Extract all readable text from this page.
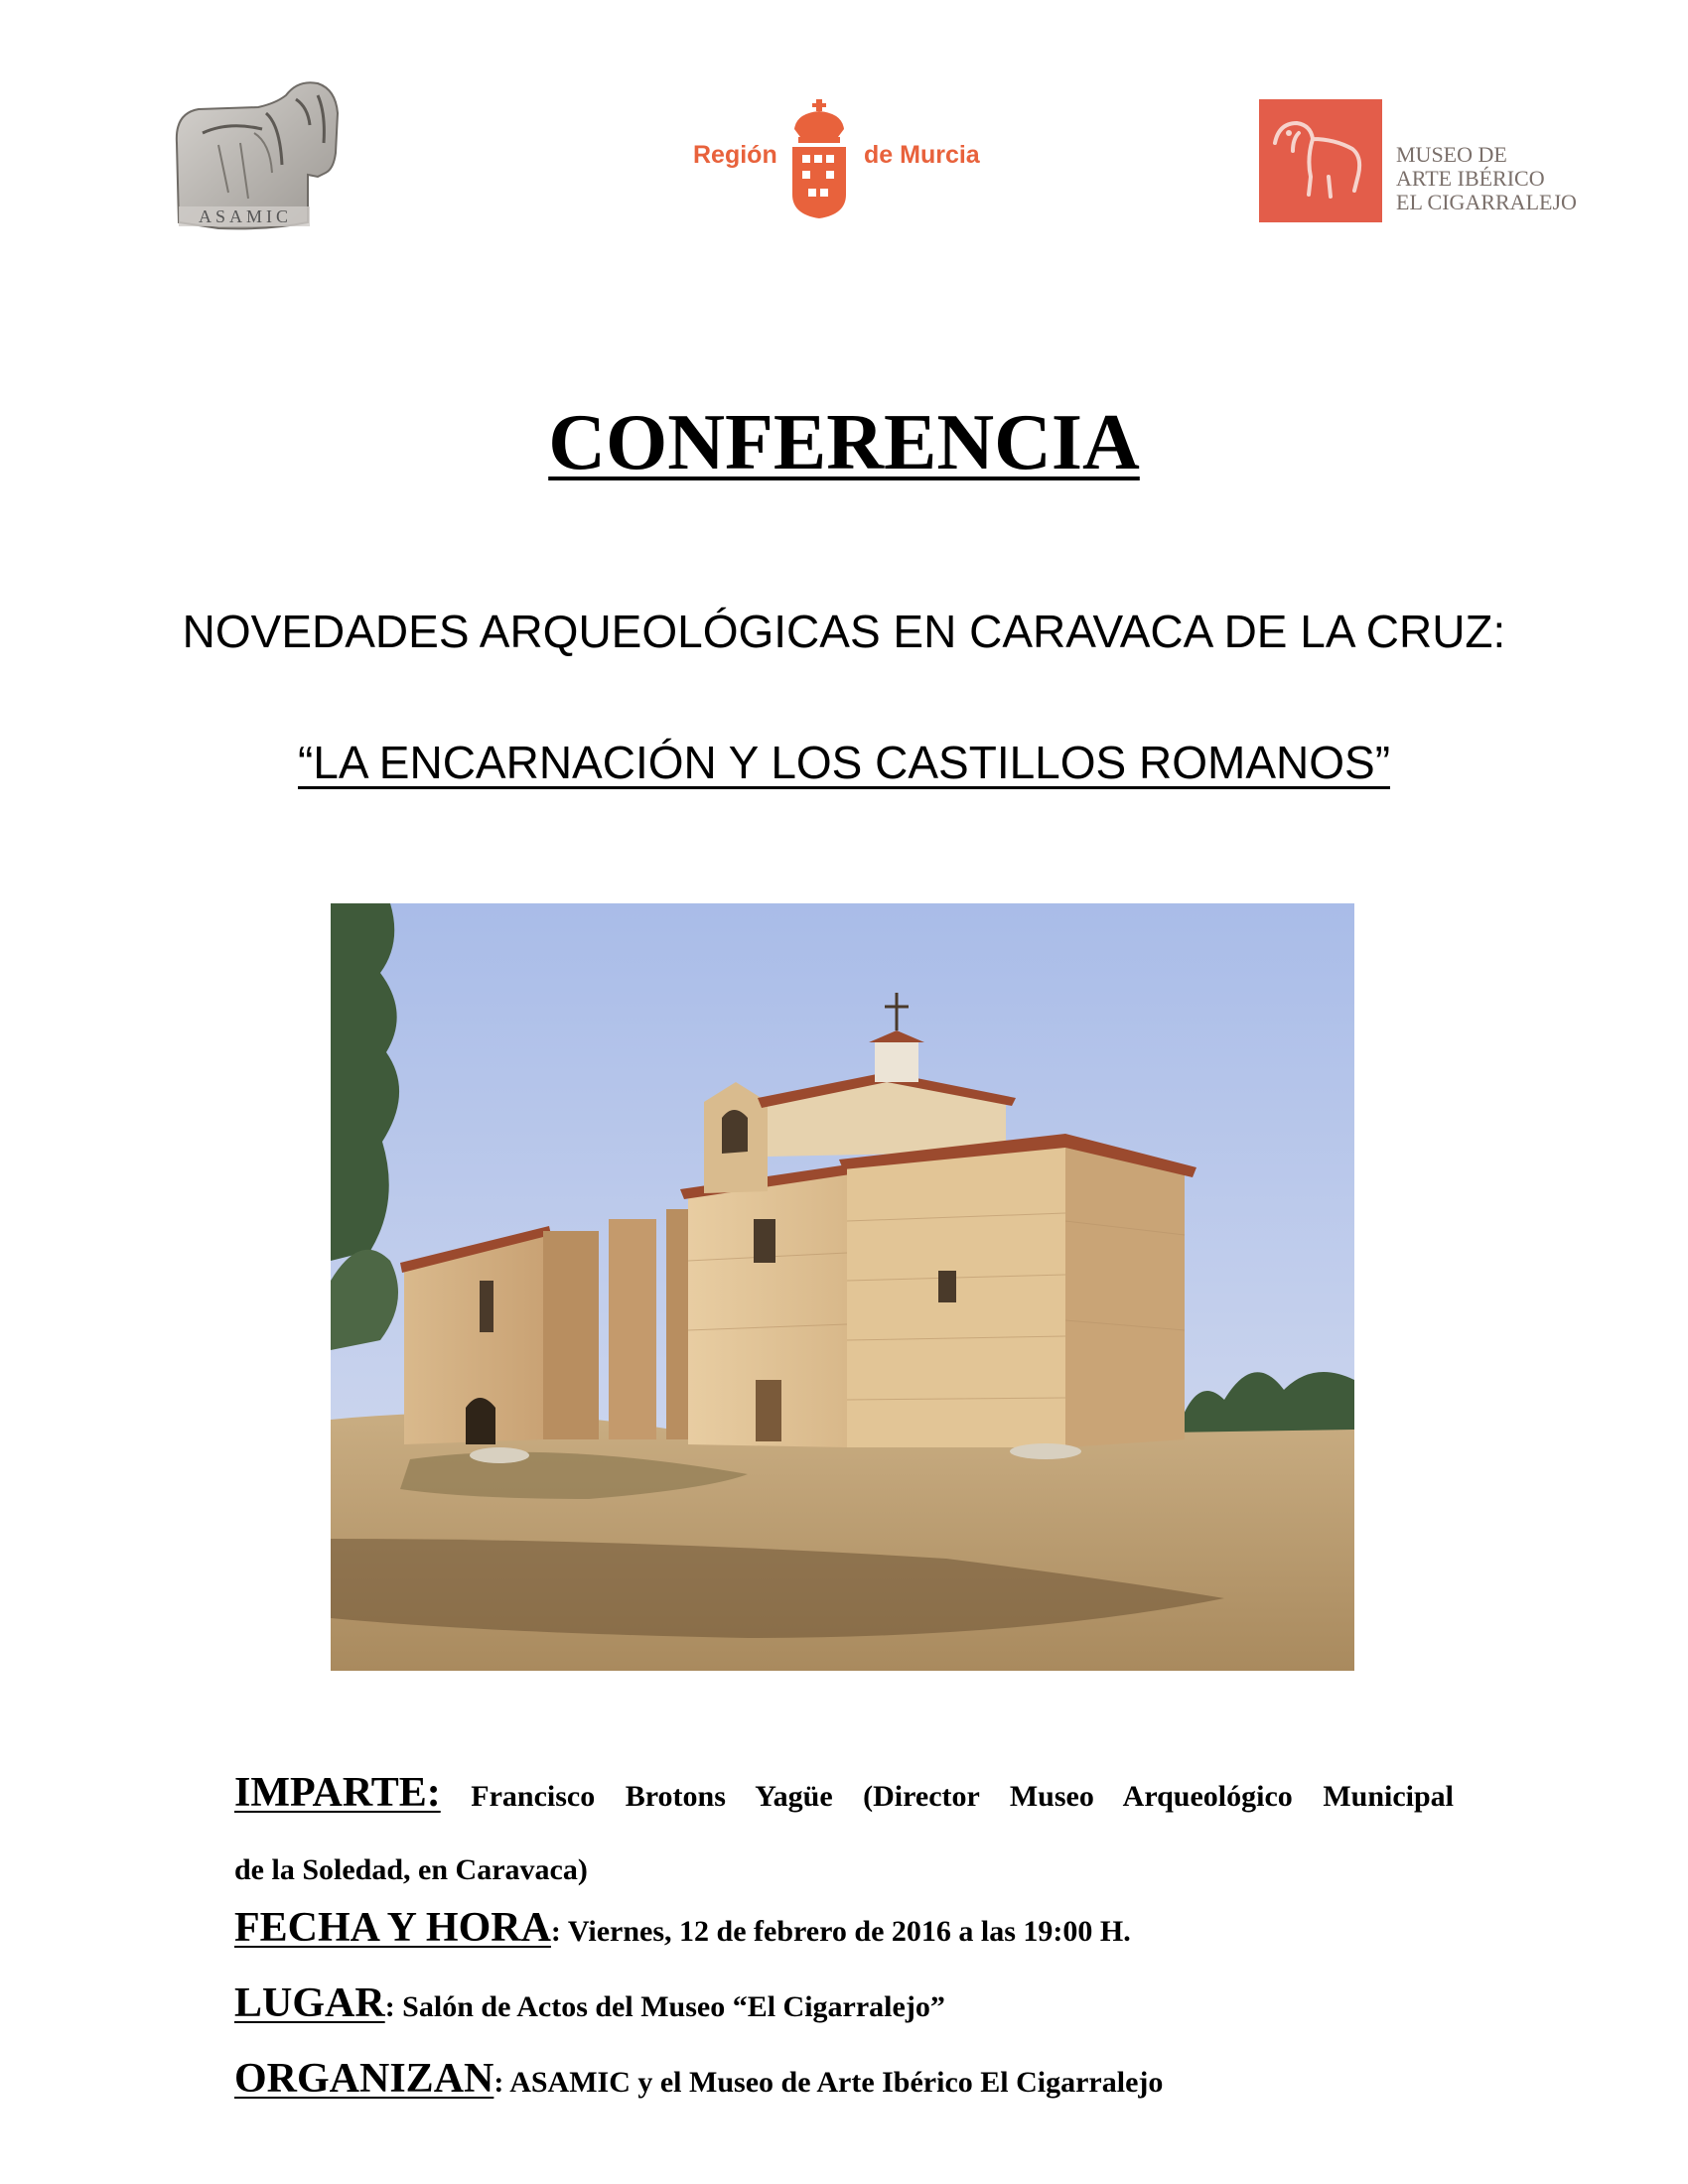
ASAMIC
Región	de Murcia	MUSEO DE
ARTE IBÉRICO
EL CIGARRALEJO
CONFERENCIA
NOVEDADES ARQUEOLÓGICAS EN CARAVACA DE LA CRUZ:
“LA ENCARNACIÓN Y LOS CASTILLOS ROMANOS”
IMPARTE: Francisco Brotons Yagüe (Director Museo Arqueológico Municipal
de la Soledad, en Caravaca)
FECHA Y HORA: Viernes, 12 de febrero de 2016 a las 19:00 H.
LUGAR: Salón de Actos del Museo “El Cigarralejo”
ORGANIZAN: ASAMIC y el Museo de Arte Ibérico El Cigarralejo
